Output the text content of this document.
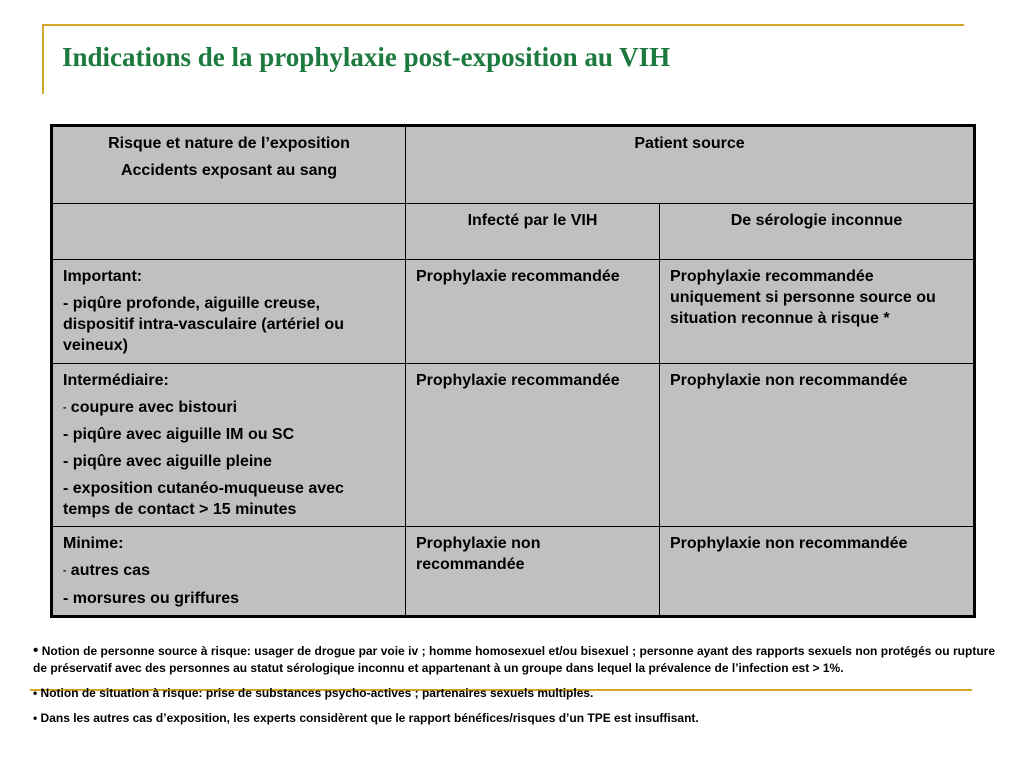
Indications de la prophylaxie post-exposition au VIH

Risque et nature de l’exposition

Accidents exposant au sang	Patient source	
	Infecté par le VIH	De sérologie inconnue

Important:

- piqûre profonde, aiguille creuse, dispositif intra-vasculaire (artériel ou veineux)	Prophylaxie recommandée	Prophylaxie recommandée uniquement si personne source ou situation reconnue à risque *

Intermédiaire:

- coupure avec bistouri

- piqûre avec aiguille IM ou SC

- piqûre avec aiguille pleine

- exposition cutanéo-muqueuse avec temps de contact > 15 minutes	Prophylaxie recommandée	Prophylaxie non recommandée

Minime:

- autres cas

- morsures ou griffures	Prophylaxie non recommandée	Prophylaxie non recommandée

• Notion de personne source à risque: usager de drogue par voie iv ; homme homosexuel et/ou bisexuel ; personne ayant des rapports sexuels non protégés ou rupture de préservatif avec des personnes au statut sérologique inconnu et appartenant à un groupe dans lequel la prévalence de l’infection est > 1%.

• Notion de situation à risque: prise de substances psycho-actives ; partenaires sexuels multiples.

• Dans les autres cas d’exposition, les experts considèrent que le rapport bénéfices/risques d’un TPE est insuffisant.
